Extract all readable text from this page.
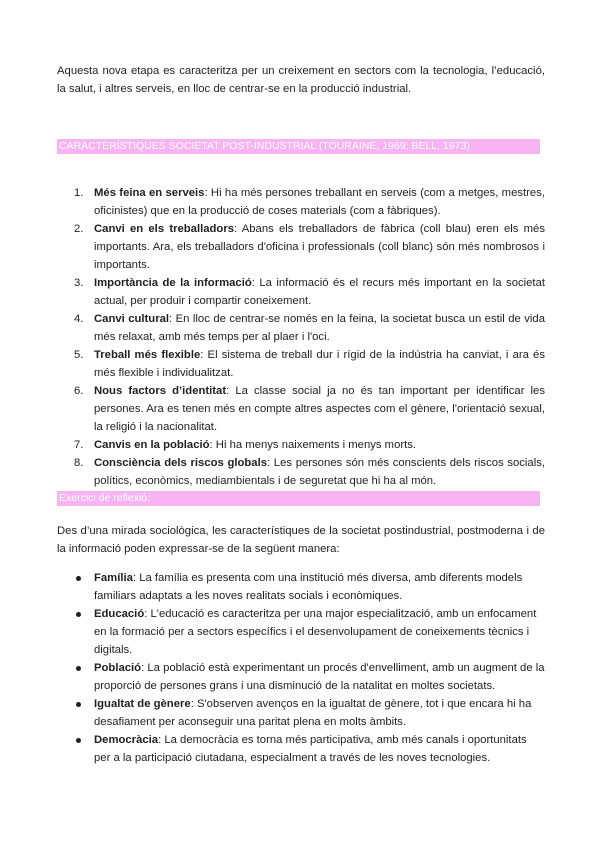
Aquesta nova etapa es caracteritza per un creixement en sectors com la tecnologia, l’educació, la salut, i altres serveis, en lloc de centrar-se en la producció industrial.

CARACTERÍSTIQUES SOCIETAT POST-INDUSTRIAL (TOURAINE, 1969; BELL, 1973)
1. Més feina en serveis: Hi ha més persones treballant en serveis (com a metges, mestres, oficinistes) que en la producció de coses materials (com a fàbriques).
2. Canvi en els treballadors: Abans els treballadors de fàbrica (coll blau) eren els més importants. Ara, els treballadors d'oficina i professionals (coll blanc) són més nombrosos i importants.
3. Importància de la informació: La informació és el recurs més important en la societat actual, per produir i compartir coneixement.
4. Canvi cultural: En lloc de centrar-se només en la feina, la societat busca un estil de vida més relaxat, amb més temps per al plaer i l'oci.
5. Treball més flexible: El sistema de treball dur i rígid de la indústria ha canviat, i ara és més flexible i individualitzat.
6. Nous factors d’identitat: La classe social ja no és tan important per identificar les persones. Ara es tenen més en compte altres aspectes com el gènere, l'orientació sexual, la religió i la nacionalitat.
7. Canvis en la població: Hi ha menys naixements i menys morts.
8. Consciència dels riscos globals: Les persones són més conscients dels riscos socials, polítics, econòmics, mediambientals i de seguretat que hi ha al món.
Exercici de reflexió:

Des d’una mirada sociològica, les característiques de la societat postindustrial, postmoderna i de la informació poden expressar-se de la següent manera:

Família: La família es presenta com una institució més diversa, amb diferents models familiars adaptats a les noves realitats socials i econòmiques.
Educació: L'educació es caracteritza per una major especialització, amb un enfocament en la formació per a sectors específics i el desenvolupament de coneixements tècnics i digitals.
Població: La població està experimentant un procés d'envelliment, amb un augment de la proporció de persones grans i una disminució de la natalitat en moltes societats.
Igualtat de gènere: S'observen avenços en la igualtat de gènere, tot i que encara hi ha desafiament per aconseguir una paritat plena en molts àmbits.
Democràcia: La democràcia es torna més participativa, amb més canals i oportunitats per a la participació ciutadana, especialment a través de les noves tecnologies.
